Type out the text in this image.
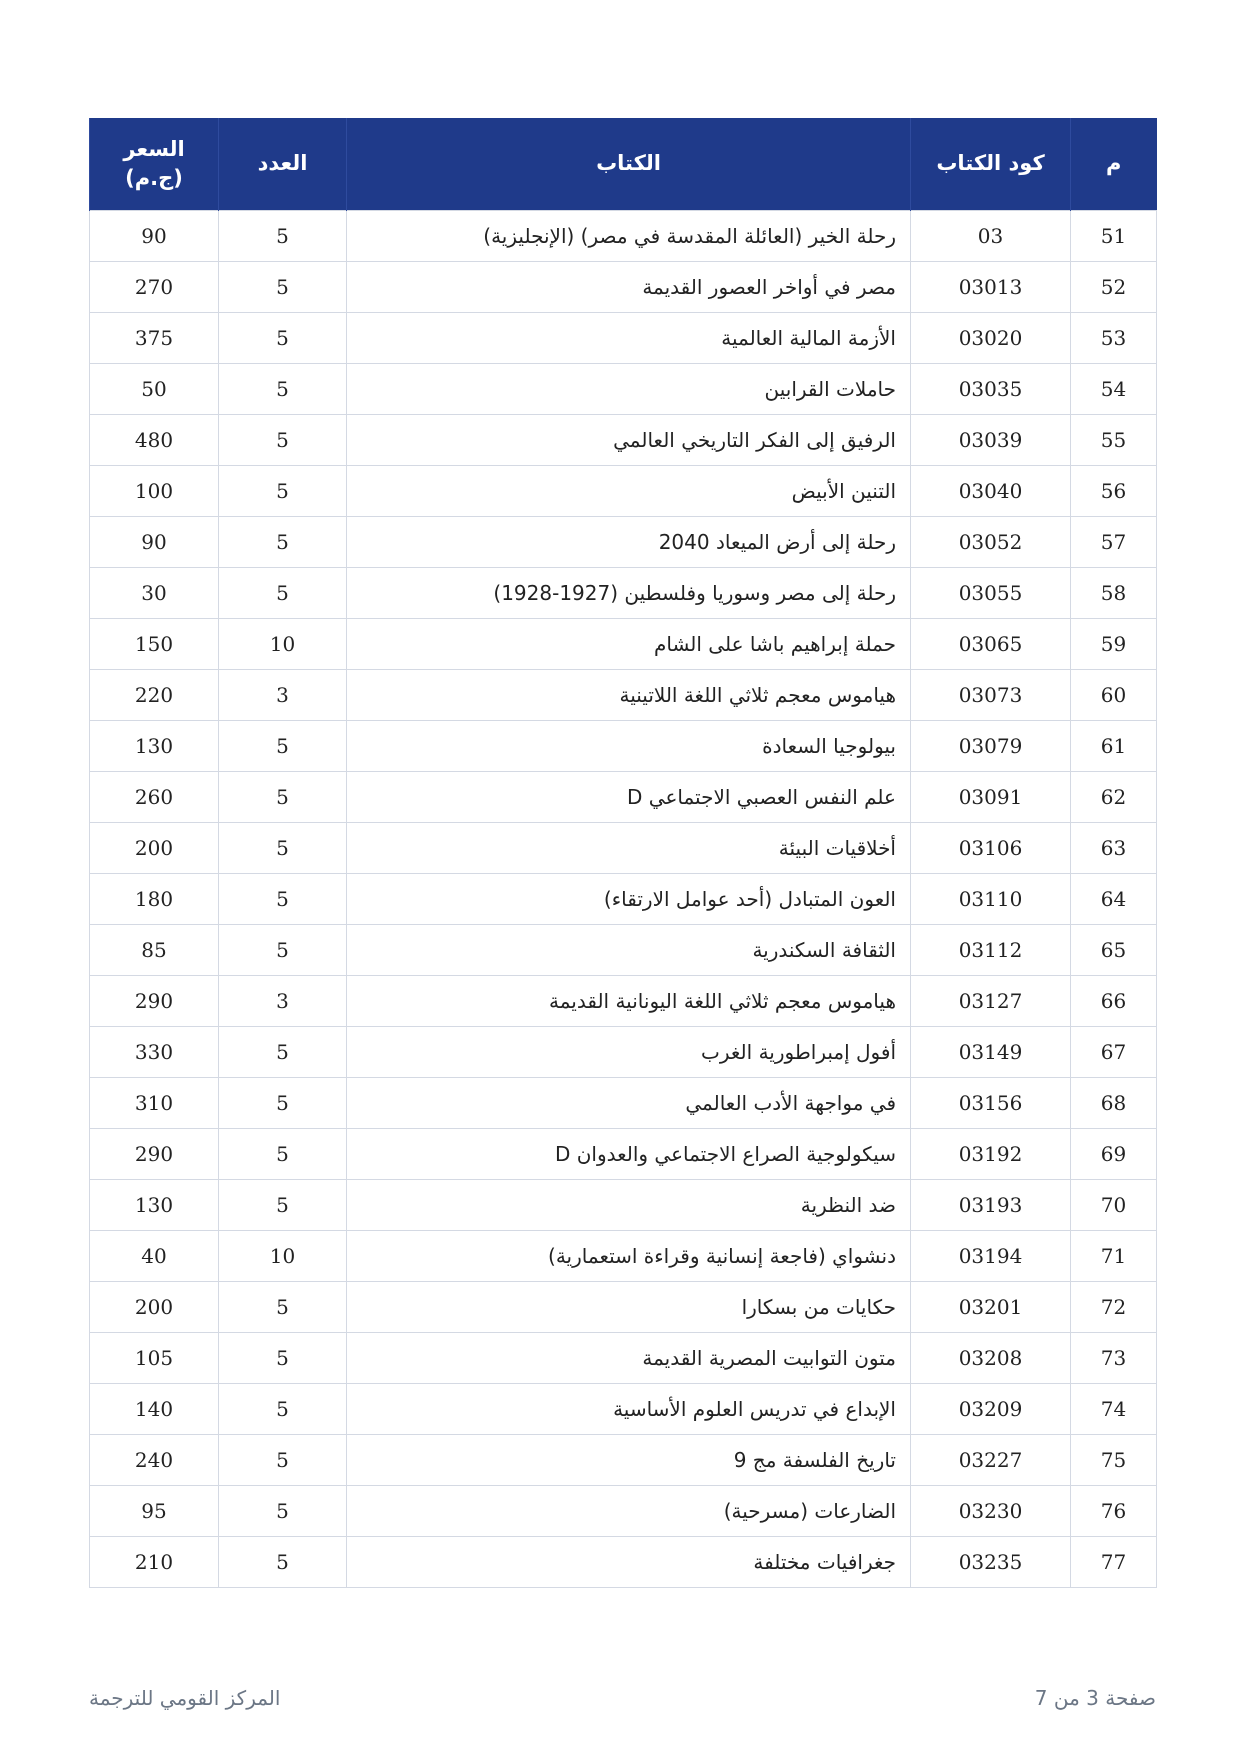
م	كود الكتاب	الكتاب	العدد	السعر
(ج.م)
51	03	رحلة الخير (العائلة المقدسة في مصر) (الإنجليزية)	5	90
52	03013	مصر في أواخر العصور القديمة	5	270
53	03020	الأزمة المالية العالمية	5	375
54	03035	حاملات القرابين	5	50
55	03039	الرفيق إلى الفكر التاريخي العالمي	5	480
56	03040	التنين الأبيض	5	100
57	03052	رحلة إلى أرض الميعاد 2040	5	90
58	03055	رحلة إلى مصر وسوريا وفلسطين (1927-1928)	5	30
59	03065	حملة إبراهيم باشا على الشام	10	150
60	03073	هياموس معجم ثلاثي اللغة اللاتينية	3	220
61	03079	بيولوجيا السعادة	5	130
62	03091	علم النفس العصبي الاجتماعي D	5	260
63	03106	أخلاقيات البيئة	5	200
64	03110	العون المتبادل (أحد عوامل الارتقاء)	5	180
65	03112	الثقافة السكندرية	5	85
66	03127	هياموس معجم ثلاثي اللغة اليونانية القديمة	3	290
67	03149	أفول إمبراطورية الغرب	5	330
68	03156	في مواجهة الأدب العالمي	5	310
69	03192	سيكولوجية الصراع الاجتماعي والعدوان D	5	290
70	03193	ضد النظرية	5	130
71	03194	دنشواي (فاجعة إنسانية وقراءة استعمارية)	10	40
72	03201	حكايات من بسكارا	5	200
73	03208	متون التوابيت المصرية القديمة	5	105
74	03209	الإبداع في تدريس العلوم الأساسية	5	140
75	03227	تاريخ الفلسفة مج 9	5	240
76	03230	الضارعات (مسرحية)	5	95
77	03235	جغرافيات مختلفة	5	210
صفحة 3 من 7
المركز القومي للترجمة
